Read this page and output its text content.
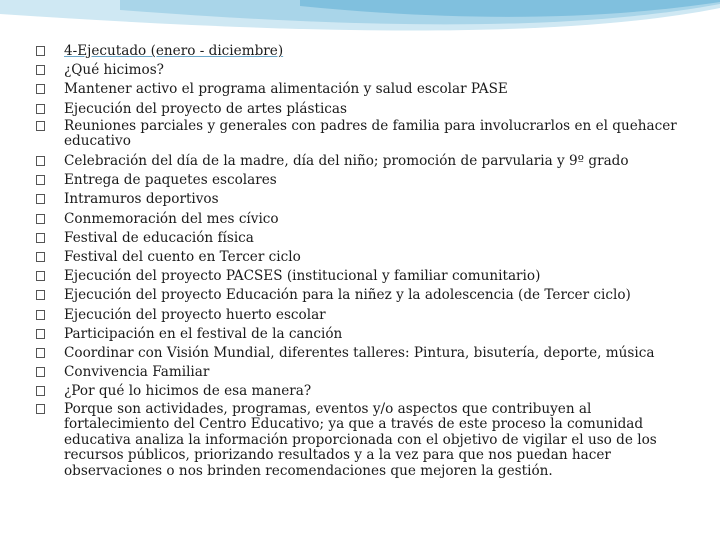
4-Ejecutado (enero - diciembre)
¿Qué hicimos?
Mantener activo el programa alimentación y salud escolar PASE
Ejecución del proyecto de artes plásticas
Reuniones parciales y generales con padres de familia para involucrarlos en el quehacer educativo
Celebración del día de la madre, día del niño; promoción de parvularia y 9º grado
Entrega de paquetes escolares
Intramuros deportivos
Conmemoración del mes cívico
Festival de educación física
Festival del cuento en Tercer ciclo
Ejecución del proyecto PACSES (institucional y familiar comunitario)
Ejecución del proyecto Educación para la niñez y la adolescencia (de Tercer ciclo)
Ejecución del proyecto huerto escolar
Participación en el festival de la canción
Coordinar con Visión Mundial, diferentes talleres: Pintura, bisutería, deporte, música
Convivencia Familiar
¿Por qué lo hicimos de esa manera?
Porque son actividades, programas, eventos y/o aspectos que contribuyen al fortalecimiento del Centro Educativo; ya que a través de este proceso la comunidad educativa analiza la información proporcionada con el objetivo de vigilar el uso de los recursos públicos, priorizando resultados y a la vez para que nos puedan hacer observaciones o nos brinden recomendaciones que mejoren la gestión.
